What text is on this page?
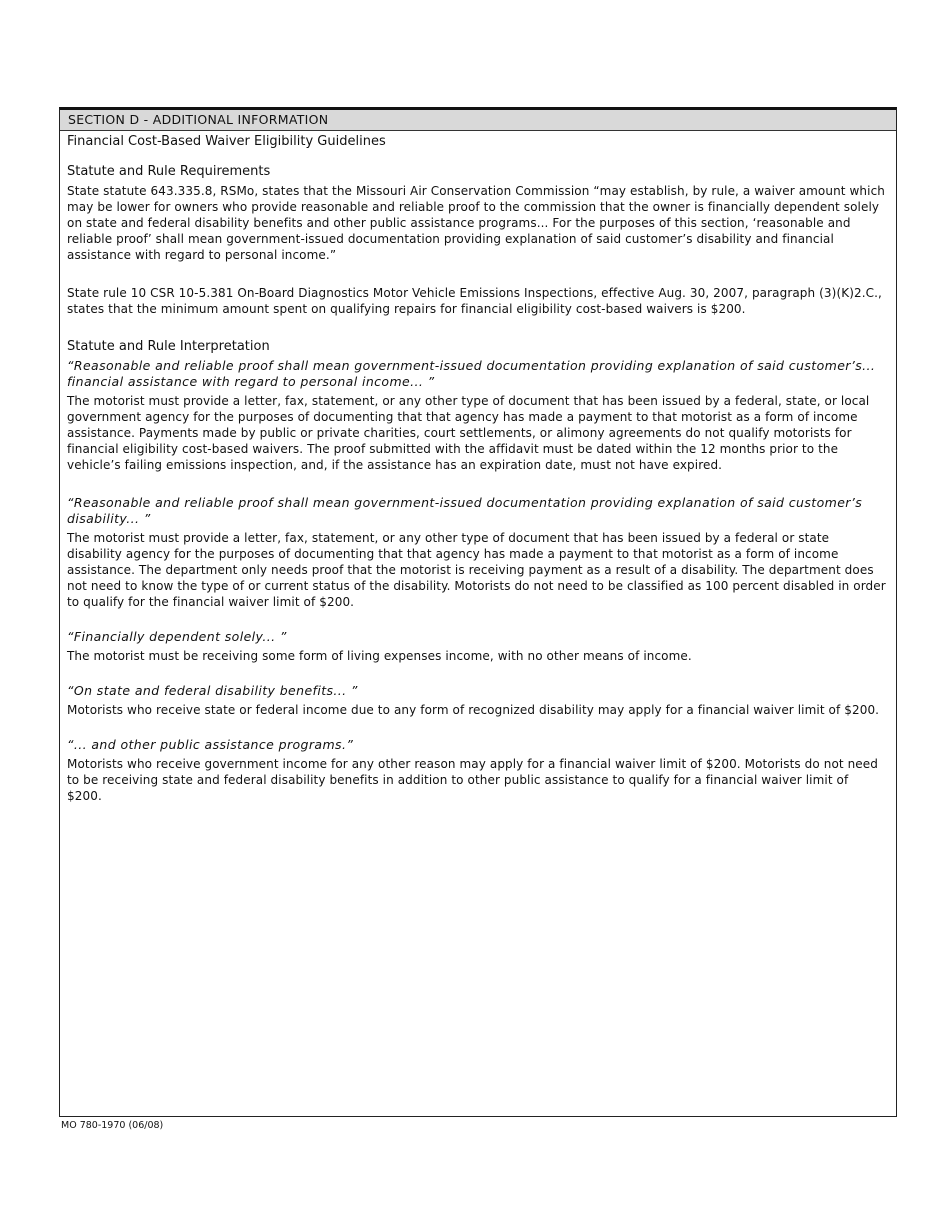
SECTION D - ADDITIONAL INFORMATION

Financial Cost-Based Waiver Eligibility Guidelines

Statute and Rule Requirements

State statute 643.335.8, RSMo, states that the Missouri Air Conservation Commission “may establish, by rule, a waiver amount which may be lower for owners who provide reasonable and reliable proof to the commission that the owner is financially dependent solely on state and federal disability benefits and other public assistance programs... For the purposes of this section, ‘reasonable and reliable proof’ shall mean government-issued documentation providing explanation of said customer’s disability and financial assistance with regard to personal income.”

State rule 10 CSR 10-5.381 On-Board Diagnostics Motor Vehicle Emissions Inspections, effective Aug. 30, 2007, paragraph (3)(K)2.C., states that the minimum amount spent on qualifying repairs for financial eligibility cost-based waivers is $200.

Statute and Rule Interpretation

“Reasonable and reliable proof shall mean government-issued documentation providing explanation of said customer’s... financial assistance with regard to personal income... ”

The motorist must provide a letter, fax, statement, or any other type of document that has been issued by a federal, state, or local government agency for the purposes of documenting that that agency has made a payment to that motorist as a form of income assistance. Payments made by public or private charities, court settlements, or alimony agreements do not qualify motorists for financial eligibility cost-based waivers. The proof submitted with the affidavit must be dated within the 12 months prior to the vehicle’s failing emissions inspection, and, if the assistance has an expiration date, must not have expired.

“Reasonable and reliable proof shall mean government-issued documentation providing explanation of said customer’s disability... ”

The motorist must provide a letter, fax, statement, or any other type of document that has been issued by a federal or state disability agency for the purposes of documenting that that agency has made a payment to that motorist as a form of income assistance. The department only needs proof that the motorist is receiving payment as a result of a disability. The department does not need to know the type of or current status of the disability. Motorists do not need to be classified as 100 percent disabled in order to qualify for the financial waiver limit of $200.

“Financially dependent solely... ”

The motorist must be receiving some form of living expenses income, with no other means of income.

“On state and federal disability benefits... ”

Motorists who receive state or federal income due to any form of recognized disability may apply for a financial waiver limit of $200.

“... and other public assistance programs.”

Motorists who receive government income for any other reason may apply for a financial waiver limit of $200. Motorists do not need to be receiving state and federal disability benefits in addition to other public assistance to qualify for a financial waiver limit of $200.

MO 780-1970 (06/08)
